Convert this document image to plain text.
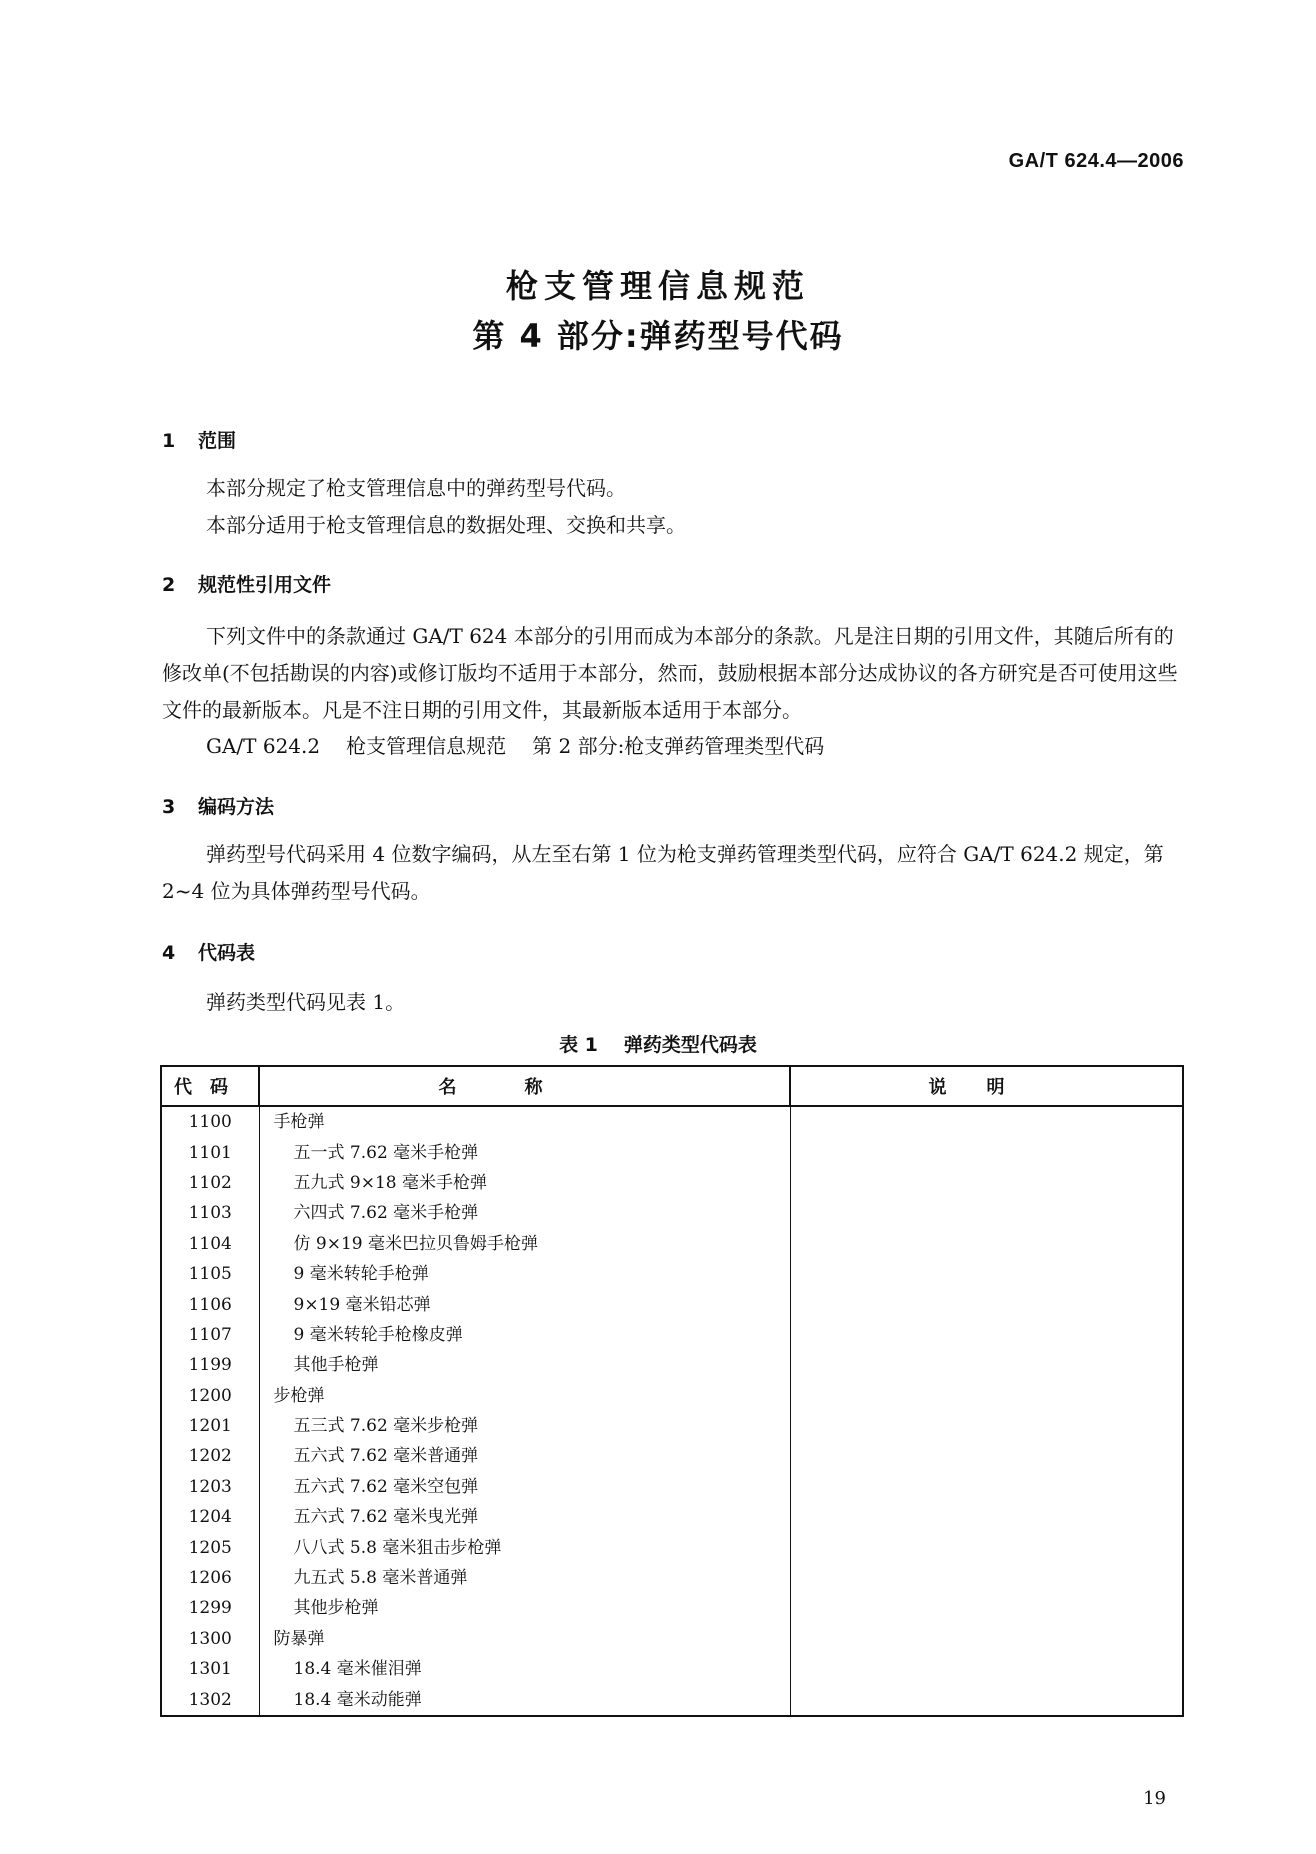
GA/T 624.4—2006
枪支管理信息规范
第 4 部分:弹药型号代码
1 范围
本部分规定了枪支管理信息中的弹药型号代码。
本部分适用于枪支管理信息的数据处理、交换和共享。
2 规范性引用文件
下列文件中的条款通过 GA/T 624 本部分的引用而成为本部分的条款。凡是注日期的引用文件，其随后所有的修改单(不包括勘误的内容)或修订版均不适用于本部分，然而，鼓励根据本部分达成协议的各方研究是否可使用这些文件的最新版本。凡是不注日期的引用文件，其最新版本适用于本部分。
GA/T 624.2 枪支管理信息规范 第 2 部分:枪支弹药管理类型代码
3 编码方法
弹药型号代码采用 4 位数字编码，从左至右第 1 位为枪支弹药管理类型代码，应符合 GA/T 624.2 规定，第 2~4 位为具体弹药型号代码。
4 代码表
弹药类型代码见表 1。
表 1 弹药类型代码表
代码	名称	说明
1100	手枪弹	
1101	五一式 7.62 毫米手枪弹	
1102	五九式 9×18 毫米手枪弹	
1103	六四式 7.62 毫米手枪弹	
1104	仿 9×19 毫米巴拉贝鲁姆手枪弹	
1105	9 毫米转轮手枪弹	
1106	9×19 毫米铅芯弹	
1107	9 毫米转轮手枪橡皮弹	
1199	其他手枪弹	
1200	步枪弹	
1201	五三式 7.62 毫米步枪弹	
1202	五六式 7.62 毫米普通弹	
1203	五六式 7.62 毫米空包弹	
1204	五六式 7.62 毫米曳光弹	
1205	八八式 5.8 毫米狙击步枪弹	
1206	九五式 5.8 毫米普通弹	
1299	其他步枪弹	
1300	防暴弹	
1301	18.4 毫米催泪弹	
1302	18.4 毫米动能弹	
19
